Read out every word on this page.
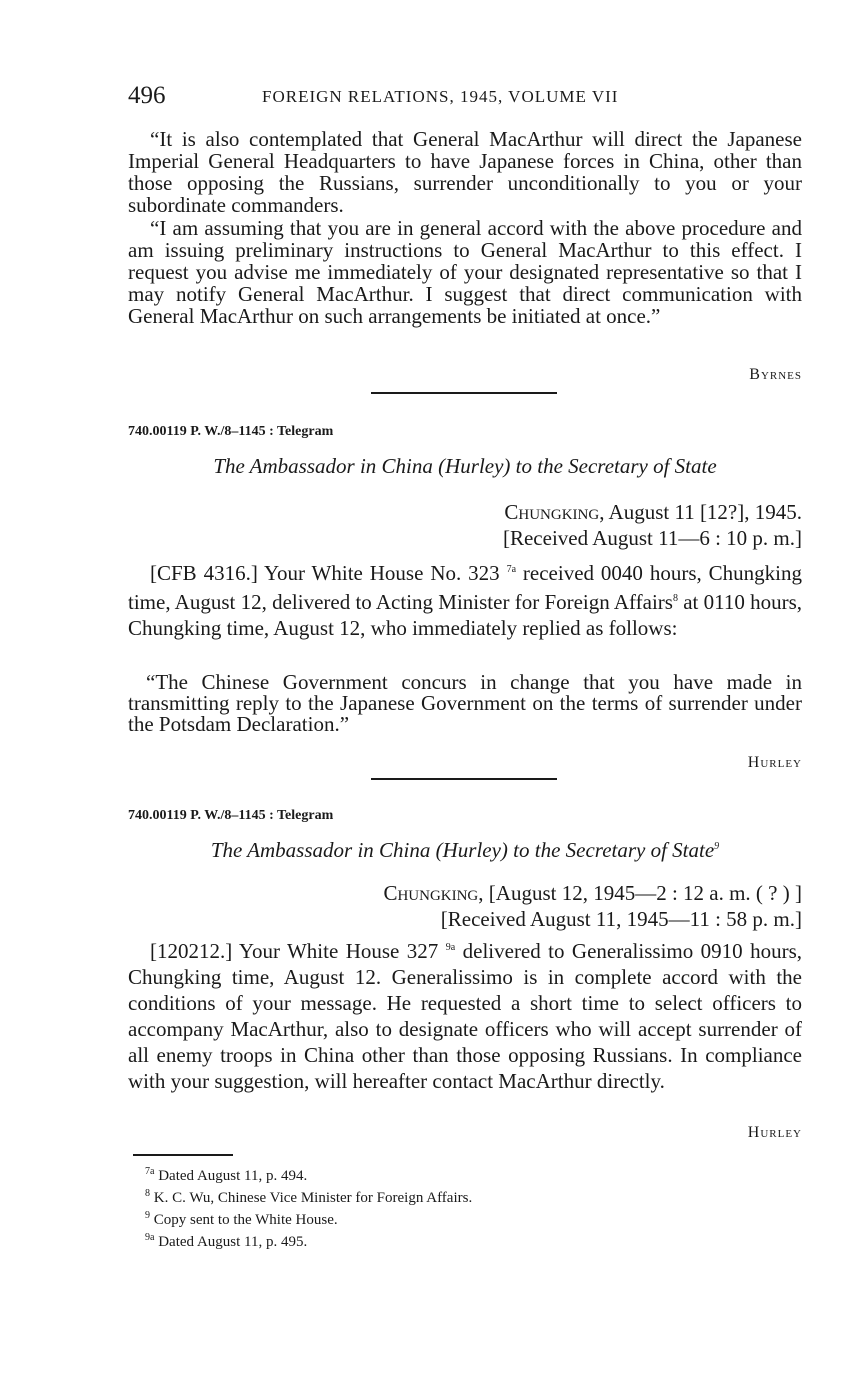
496	FOREIGN RELATIONS, 1945, VOLUME VII
“It is also contemplated that General MacArthur will direct the Japanese Imperial General Headquarters to have Japanese forces in China, other than those opposing the Russians, surrender unconditionally to you or your subordinate commanders.
“I am assuming that you are in general accord with the above procedure and am issuing preliminary instructions to General MacArthur to this effect. I request you advise me immediately of your designated representative so that I may notify General MacArthur. I suggest that direct communication with General MacArthur on such arrangements be initiated at once.”
Byrnes
740.00119 P. W./8–1145 : Telegram
The Ambassador in China (Hurley) to the Secretary of State
Chungking, August 11 [12?], 1945.
[Received August 11—6 : 10 p. m.]
[CFB 4316.] Your White House No. 323 $^{7a}$ received 0040 hours, Chungking time, August 12, delivered to Acting Minister for Foreign Affairs$^8$ at 0110 hours, Chungking time, August 12, who immediately replied as follows:
“The Chinese Government concurs in change that you have made in transmitting reply to the Japanese Government on the terms of surrender under the Potsdam Declaration.”
Hurley
740.00119 P. W./8–1145 : Telegram
The Ambassador in China (Hurley) to the Secretary of State$^9$
Chungking, [August 12, 1945—2 : 12 a. m. ( ? ) ]
[Received August 11, 1945—11 : 58 p. m.]
[120212.] Your White House 327 $^{9a}$ delivered to Generalissimo 0910 hours, Chungking time, August 12. Generalissimo is in complete accord with the conditions of your message. He requested a short time to select officers to accompany MacArthur, also to designate officers who will accept surrender of all enemy troops in China other than those opposing Russians. In compliance with your suggestion, will hereafter contact MacArthur directly.
Hurley
$^{7a}$ Dated August 11, p. 494.
$^8$ K. C. Wu, Chinese Vice Minister for Foreign Affairs.
$^9$ Copy sent to the White House.
$^{9a}$ Dated August 11, p. 495.
